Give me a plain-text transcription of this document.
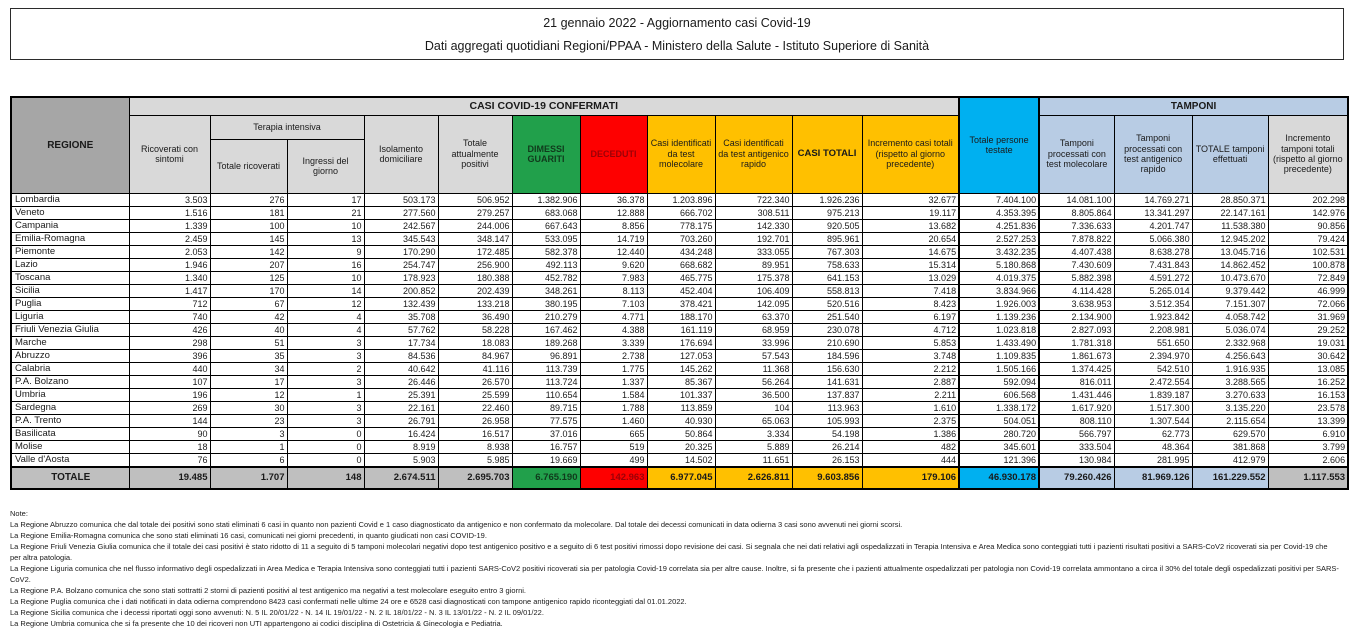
21 gennaio 2022 - Aggiornamento casi Covid-19
Dati aggregati quotidiani Regioni/PPAA - Ministero della Salute - Istituto Superiore di Sanità
REGIONE	CASI COVID-19 CONFERMATI											Totale persone testate	TAMPONI			
	Ricoverati con sintomi	Terapia intensiva		Isolamento domiciliare	Totale attualmente positivi	DIMESSI GUARITI	DECEDUTI	Casi identificati da test molecolare	Casi identificati da test antigenico rapido	CASI TOTALI	Incremento casi totali (rispetto al giorno precedente)		Tamponi processati con test molecolare	Tamponi processati con test antigenico rapido	TOTALE tamponi effettuati	Incremento tamponi totali (rispetto al giorno precedente)
		Totale ricoverati	Ingressi del giorno													
Lombardia	3.503	276	17	503.173	506.952	1.382.906	36.378	1.203.896	722.340	1.926.236	32.677	7.404.100	14.081.100	14.769.271	28.850.371	202.298
Veneto	1.516	181	21	277.560	279.257	683.068	12.888	666.702	308.511	975.213	19.117	4.353.395	8.805.864	13.341.297	22.147.161	142.976
Campania	1.339	100	10	242.567	244.006	667.643	8.856	778.175	142.330	920.505	13.682	4.251.836	7.336.633	4.201.747	11.538.380	90.856
Emilia-Romagna	2.459	145	13	345.543	348.147	533.095	14.719	703.260	192.701	895.961	20.654	2.527.253	7.878.822	5.066.380	12.945.202	79.424
Piemonte	2.053	142	9	170.290	172.485	582.378	12.440	434.248	333.055	767.303	14.675	3.432.235	4.407.438	8.638.278	13.045.716	102.531
Lazio	1.946	207	16	254.747	256.900	492.113	9.620	668.682	89.951	758.633	15.314	5.180.868	7.430.609	7.431.843	14.862.452	100.878
Toscana	1.340	125	10	178.923	180.388	452.782	7.983	465.775	175.378	641.153	13.029	4.019.375	5.882.398	4.591.272	10.473.670	72.849
Sicilia	1.417	170	14	200.852	202.439	348.261	8.113	452.404	106.409	558.813	7.418	3.834.966	4.114.428	5.265.014	9.379.442	46.999
Puglia	712	67	12	132.439	133.218	380.195	7.103	378.421	142.095	520.516	8.423	1.926.003	3.638.953	3.512.354	7.151.307	72.066
Liguria	740	42	4	35.708	36.490	210.279	4.771	188.170	63.370	251.540	6.197	1.139.236	2.134.900	1.923.842	4.058.742	31.969
Friuli Venezia Giulia	426	40	4	57.762	58.228	167.462	4.388	161.119	68.959	230.078	4.712	1.023.818	2.827.093	2.208.981	5.036.074	29.252
Marche	298	51	3	17.734	18.083	189.268	3.339	176.694	33.996	210.690	5.853	1.433.490	1.781.318	551.650	2.332.968	19.031
Abruzzo	396	35	3	84.536	84.967	96.891	2.738	127.053	57.543	184.596	3.748	1.109.835	1.861.673	2.394.970	4.256.643	30.642
Calabria	440	34	2	40.642	41.116	113.739	1.775	145.262	11.368	156.630	2.212	1.505.166	1.374.425	542.510	1.916.935	13.085
P.A. Bolzano	107	17	3	26.446	26.570	113.724	1.337	85.367	56.264	141.631	2.887	592.094	816.011	2.472.554	3.288.565	16.252
Umbria	196	12	1	25.391	25.599	110.654	1.584	101.337	36.500	137.837	2.211	606.568	1.431.446	1.839.187	3.270.633	16.153
Sardegna	269	30	3	22.161	22.460	89.715	1.788	113.859	104	113.963	1.610	1.338.172	1.617.920	1.517.300	3.135.220	23.578
P.A. Trento	144	23	3	26.791	26.958	77.575	1.460	40.930	65.063	105.993	2.375	504.051	808.110	1.307.544	2.115.654	13.399
Basilicata	90	3	0	16.424	16.517	37.016	665	50.864	3.334	54.198	1.386	280.720	566.797	62.773	629.570	6.910
Molise	18	1	0	8.919	8.938	16.757	519	20.325	5.889	26.214	482	345.601	333.504	48.364	381.868	3.799
Valle d'Aosta	76	6	0	5.903	5.985	19.669	499	14.502	11.651	26.153	444	121.396	130.984	281.995	412.979	2.606
TOTALE	19.485	1.707	148	2.674.511	2.695.703	6.765.190	142.963	6.977.045	2.626.811	9.603.856	179.106	46.930.178	79.260.426	81.969.126	161.229.552	1.117.553

Note:

La Regione Abruzzo comunica che dal totale dei positivi sono stati eliminati 6 casi in quanto non pazienti Covid e 1 caso diagnosticato da antigenico e non confermato da molecolare. Dal totale dei decessi comunicati in data odierna 3 casi sono avvenuti nei giorni scorsi.

La Regione Emilia-Romagna comunica che sono stati eliminati 16 casi, comunicati nei giorni precedenti, in quanto giudicati non casi COVID-19.

La Regione Friuli Venezia Giulia comunica che il totale dei casi positivi è stato ridotto di 11 a seguito di 5 tamponi molecolari negativi dopo test antigenico positivo e a seguito di 6 test positivi rimossi dopo revisione dei casi. Si segnala che nei dati relativi agli ospedalizzati in Terapia Intensiva e Area Medica sono conteggiati tutti i pazienti risultati positivi a SARS-CoV2 ricoverati sia per Covid-19 che per altra patologia.

La Regione Liguria comunica che nel flusso informativo degli ospedalizzati in Area Medica e Terapia Intensiva sono conteggiati tutti i pazienti SARS-CoV2 positivi ricoverati sia per patologia Covid-19 correlata sia per altre cause. Inoltre, si fa presente che i pazienti attualmente ospedalizzati per patologia non Covid-19 correlata ammontano a circa il 30% del totale degli ospedalizzati positivi per SARS-CoV2.

La Regione P.A. Bolzano comunica che sono stati sottratti 2 storni di pazienti positivi al test antigenico ma negativi a test molecolare eseguito entro 3 giorni.

La Regione Puglia comunica che i dati notificati in data odierna comprendono 8423 casi confermati nelle ultime 24 ore e 6528 casi diagnosticati con tampone antigenico rapido riconteggiati dal 01.01.2022.

La Regione Sicilia comunica che i decessi riportati oggi sono avvenuti: N. 5 IL 20/01/22 - N. 14 IL 19/01/22 - N. 2 IL 18/01/22 - N. 3 IL 13/01/22 - N. 2 IL 09/01/22.

La Regione Umbria comunica che si fa presente che 10 dei ricoveri non UTI appartengono ai codici disciplina di Ostetricia & Ginecologia e Pediatria.
